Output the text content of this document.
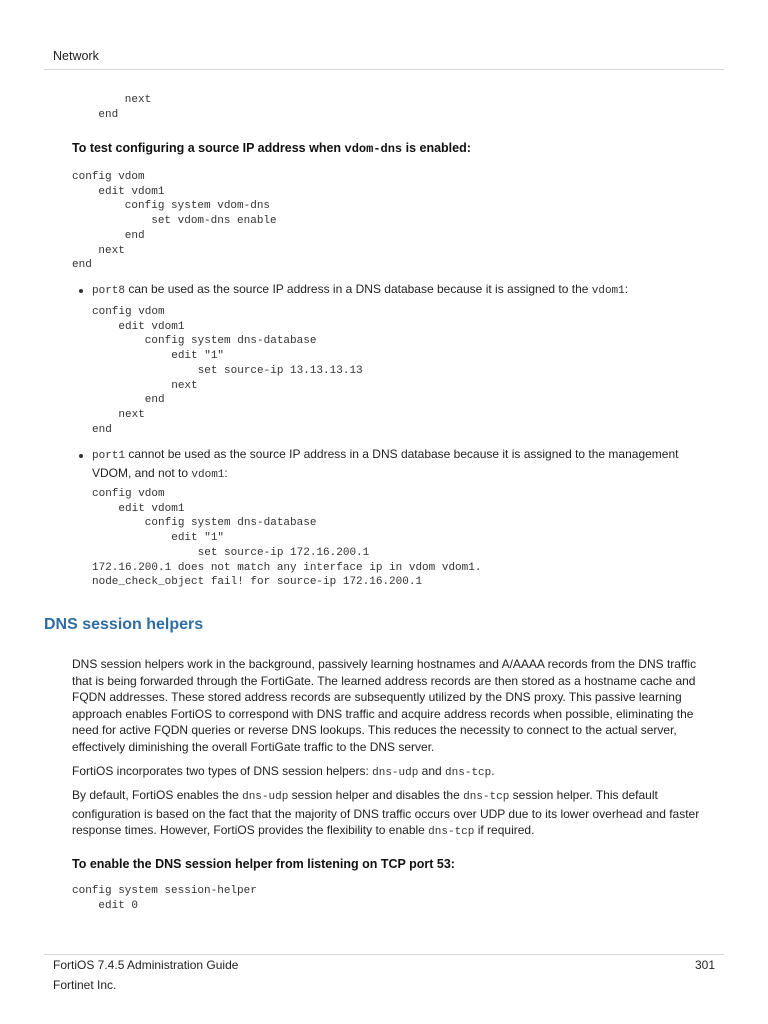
Network
next
end
To test configuring a source IP address when vdom-dns is enabled:
config vdom
edit vdom1
config system vdom-dns
set vdom-dns enable
end
next
end
port8 can be used as the source IP address in a DNS database because it is assigned to the vdom1:
config vdom
edit vdom1
config system dns-database
edit "1"
set source-ip 13.13.13.13
next
end
next
end
port1 cannot be used as the source IP address in a DNS database because it is assigned to the management VDOM, and not to vdom1:
config vdom
edit vdom1
config system dns-database
edit "1"
set source-ip 172.16.200.1
172.16.200.1 does not match any interface ip in vdom vdom1.
node_check_object fail! for source-ip 172.16.200.1
DNS session helpers
DNS session helpers work in the background, passively learning hostnames and A/AAAA records from the DNS traffic that is being forwarded through the FortiGate. The learned address records are then stored as a hostname cache and FQDN addresses. These stored address records are subsequently utilized by the DNS proxy. This passive learning approach enables FortiOS to correspond with DNS traffic and acquire address records when possible, eliminating the need for active FQDN queries or reverse DNS lookups. This reduces the necessity to connect to the actual server, effectively diminishing the overall FortiGate traffic to the DNS server.
FortiOS incorporates two types of DNS session helpers: dns-udp and dns-tcp.
By default, FortiOS enables the dns-udp session helper and disables the dns-tcp session helper. This default configuration is based on the fact that the majority of DNS traffic occurs over UDP due to its lower overhead and faster response times. However, FortiOS provides the flexibility to enable dns-tcp if required.
To enable the DNS session helper from listening on TCP port 53:
config system session-helper
edit 0
FortiOS 7.4.5 Administration Guide	301
Fortinet Inc.
